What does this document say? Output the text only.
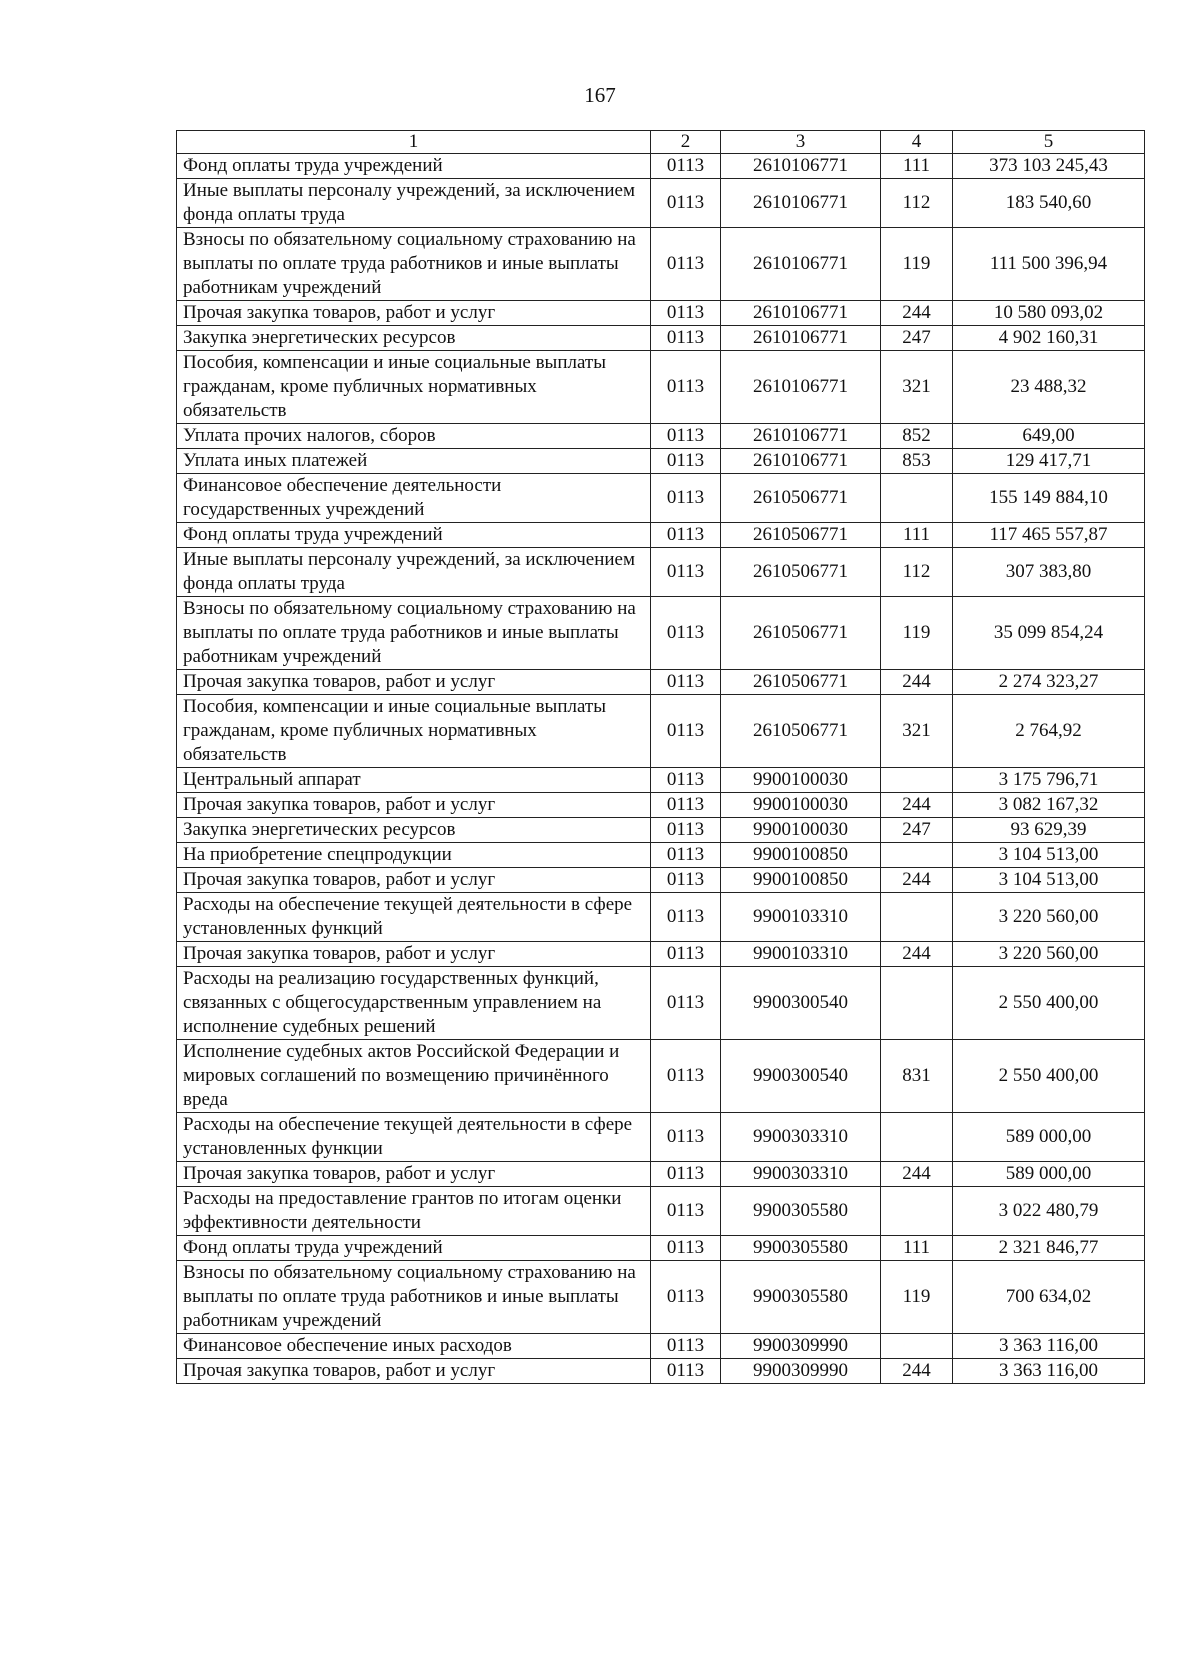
167
1	2	3	4	5
Фонд оплаты труда учреждений	0113	2610106771	111	373 103 245,43
Иные выплаты персоналу учреждений, за исключением фонда оплаты труда	0113	2610106771	112	183 540,60
Взносы по обязательному социальному страхованию на выплаты по оплате труда работников и иные выплаты работникам учреждений	0113	2610106771	119	111 500 396,94
Прочая закупка товаров, работ и услуг	0113	2610106771	244	10 580 093,02
Закупка энергетических ресурсов	0113	2610106771	247	4 902 160,31
Пособия, компенсации и иные социальные выплаты гражданам, кроме публичных нормативных обязательств	0113	2610106771	321	23 488,32
Уплата прочих налогов, сборов	0113	2610106771	852	649,00
Уплата иных платежей	0113	2610106771	853	129 417,71
Финансовое обеспечение деятельности государственных учреждений	0113	2610506771		155 149 884,10
Фонд оплаты труда учреждений	0113	2610506771	111	117 465 557,87
Иные выплаты персоналу учреждений, за исключением фонда оплаты труда	0113	2610506771	112	307 383,80
Взносы по обязательному социальному страхованию на выплаты по оплате труда работников и иные выплаты работникам учреждений	0113	2610506771	119	35 099 854,24
Прочая закупка товаров, работ и услуг	0113	2610506771	244	2 274 323,27
Пособия, компенсации и иные социальные выплаты гражданам, кроме публичных нормативных обязательств	0113	2610506771	321	2 764,92
Центральный аппарат	0113	9900100030		3 175 796,71
Прочая закупка товаров, работ и услуг	0113	9900100030	244	3 082 167,32
Закупка энергетических ресурсов	0113	9900100030	247	93 629,39
На приобретение спецпродукции	0113	9900100850		3 104 513,00
Прочая закупка товаров, работ и услуг	0113	9900100850	244	3 104 513,00
Расходы на обеспечение текущей деятельности в сфере установленных функций	0113	9900103310		3 220 560,00
Прочая закупка товаров, работ и услуг	0113	9900103310	244	3 220 560,00
Расходы на реализацию государственных функций, связанных с общегосударственным управлением на исполнение судебных решений	0113	9900300540		2 550 400,00
Исполнение судебных актов Российской Федерации и мировых соглашений по возмещению причинённого вреда	0113	9900300540	831	2 550 400,00
Расходы на обеспечение текущей деятельности в сфере установленных функции	0113	9900303310		589 000,00
Прочая закупка товаров, работ и услуг	0113	9900303310	244	589 000,00
Расходы на предоставление грантов по итогам оценки эффективности деятельности	0113	9900305580		3 022 480,79
Фонд оплаты труда учреждений	0113	9900305580	111	2 321 846,77
Взносы по обязательному социальному страхованию на выплаты по оплате труда работников и иные выплаты работникам учреждений	0113	9900305580	119	700 634,02
Финансовое обеспечение иных расходов	0113	9900309990		3 363 116,00
Прочая закупка товаров, работ и услуг	0113	9900309990	244	3 363 116,00
